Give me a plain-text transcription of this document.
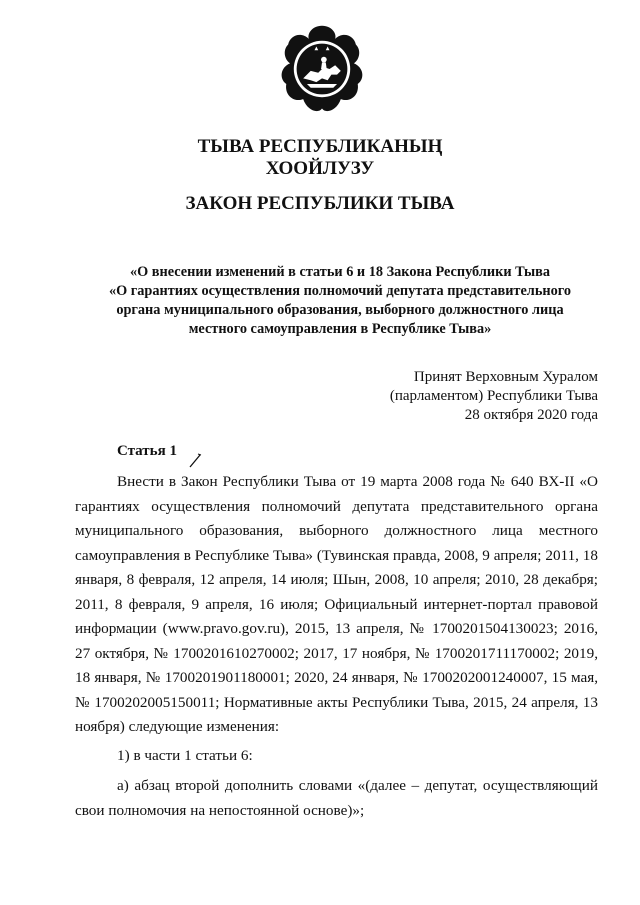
ТЫВА РЕСПУБЛИКАНЫҢ
ХООЙЛУЗУ
ЗАКОН РЕСПУБЛИКИ ТЫВА
«О внесении изменений в статьи 6 и 18 Закона Республики Тыва
«О гарантиях осуществления полномочий депутата представительного
органа муниципального образования, выборного должностного лица
местного самоуправления в Республике Тыва»
Принят Верховным Хуралом
(парламентом) Республики Тыва
28 октября 2020 года
Статья 1

Внести в Закон Республики Тыва от 19 марта 2008 года № 640 ВХ-II «О гарантиях осуществления полномочий депутата представительного органа муниципального образования, выборного должностного лица местного самоуправления в Республике Тыва» (Тувинская правда, 2008, 9 апреля; 2011, 18 января, 8 февраля, 12 апреля, 14 июля; Шын, 2008, 10 апреля; 2010, 28 декабря; 2011, 8 февраля, 9 апреля, 16 июля; Официальный интернет-портал правовой информации (www.pravo.gov.ru), 2015, 13 апреля, № 1700201504130023; 2016, 27 октября, № 1700201610270002; 2017, 17 ноября, № 1700201711170002; 2019, 18 января, № 1700201901180001; 2020, 24 января, № 1700202001240007, 15 мая, № 1700202005150011; Нормативные акты Республики Тыва, 2015, 24 апреля, 13 ноября) следующие изменения:

1) в части 1 статьи 6:

а) абзац второй дополнить словами «(далее – депутат, осуществляющий свои полномочия на непостоянной основе)»;
